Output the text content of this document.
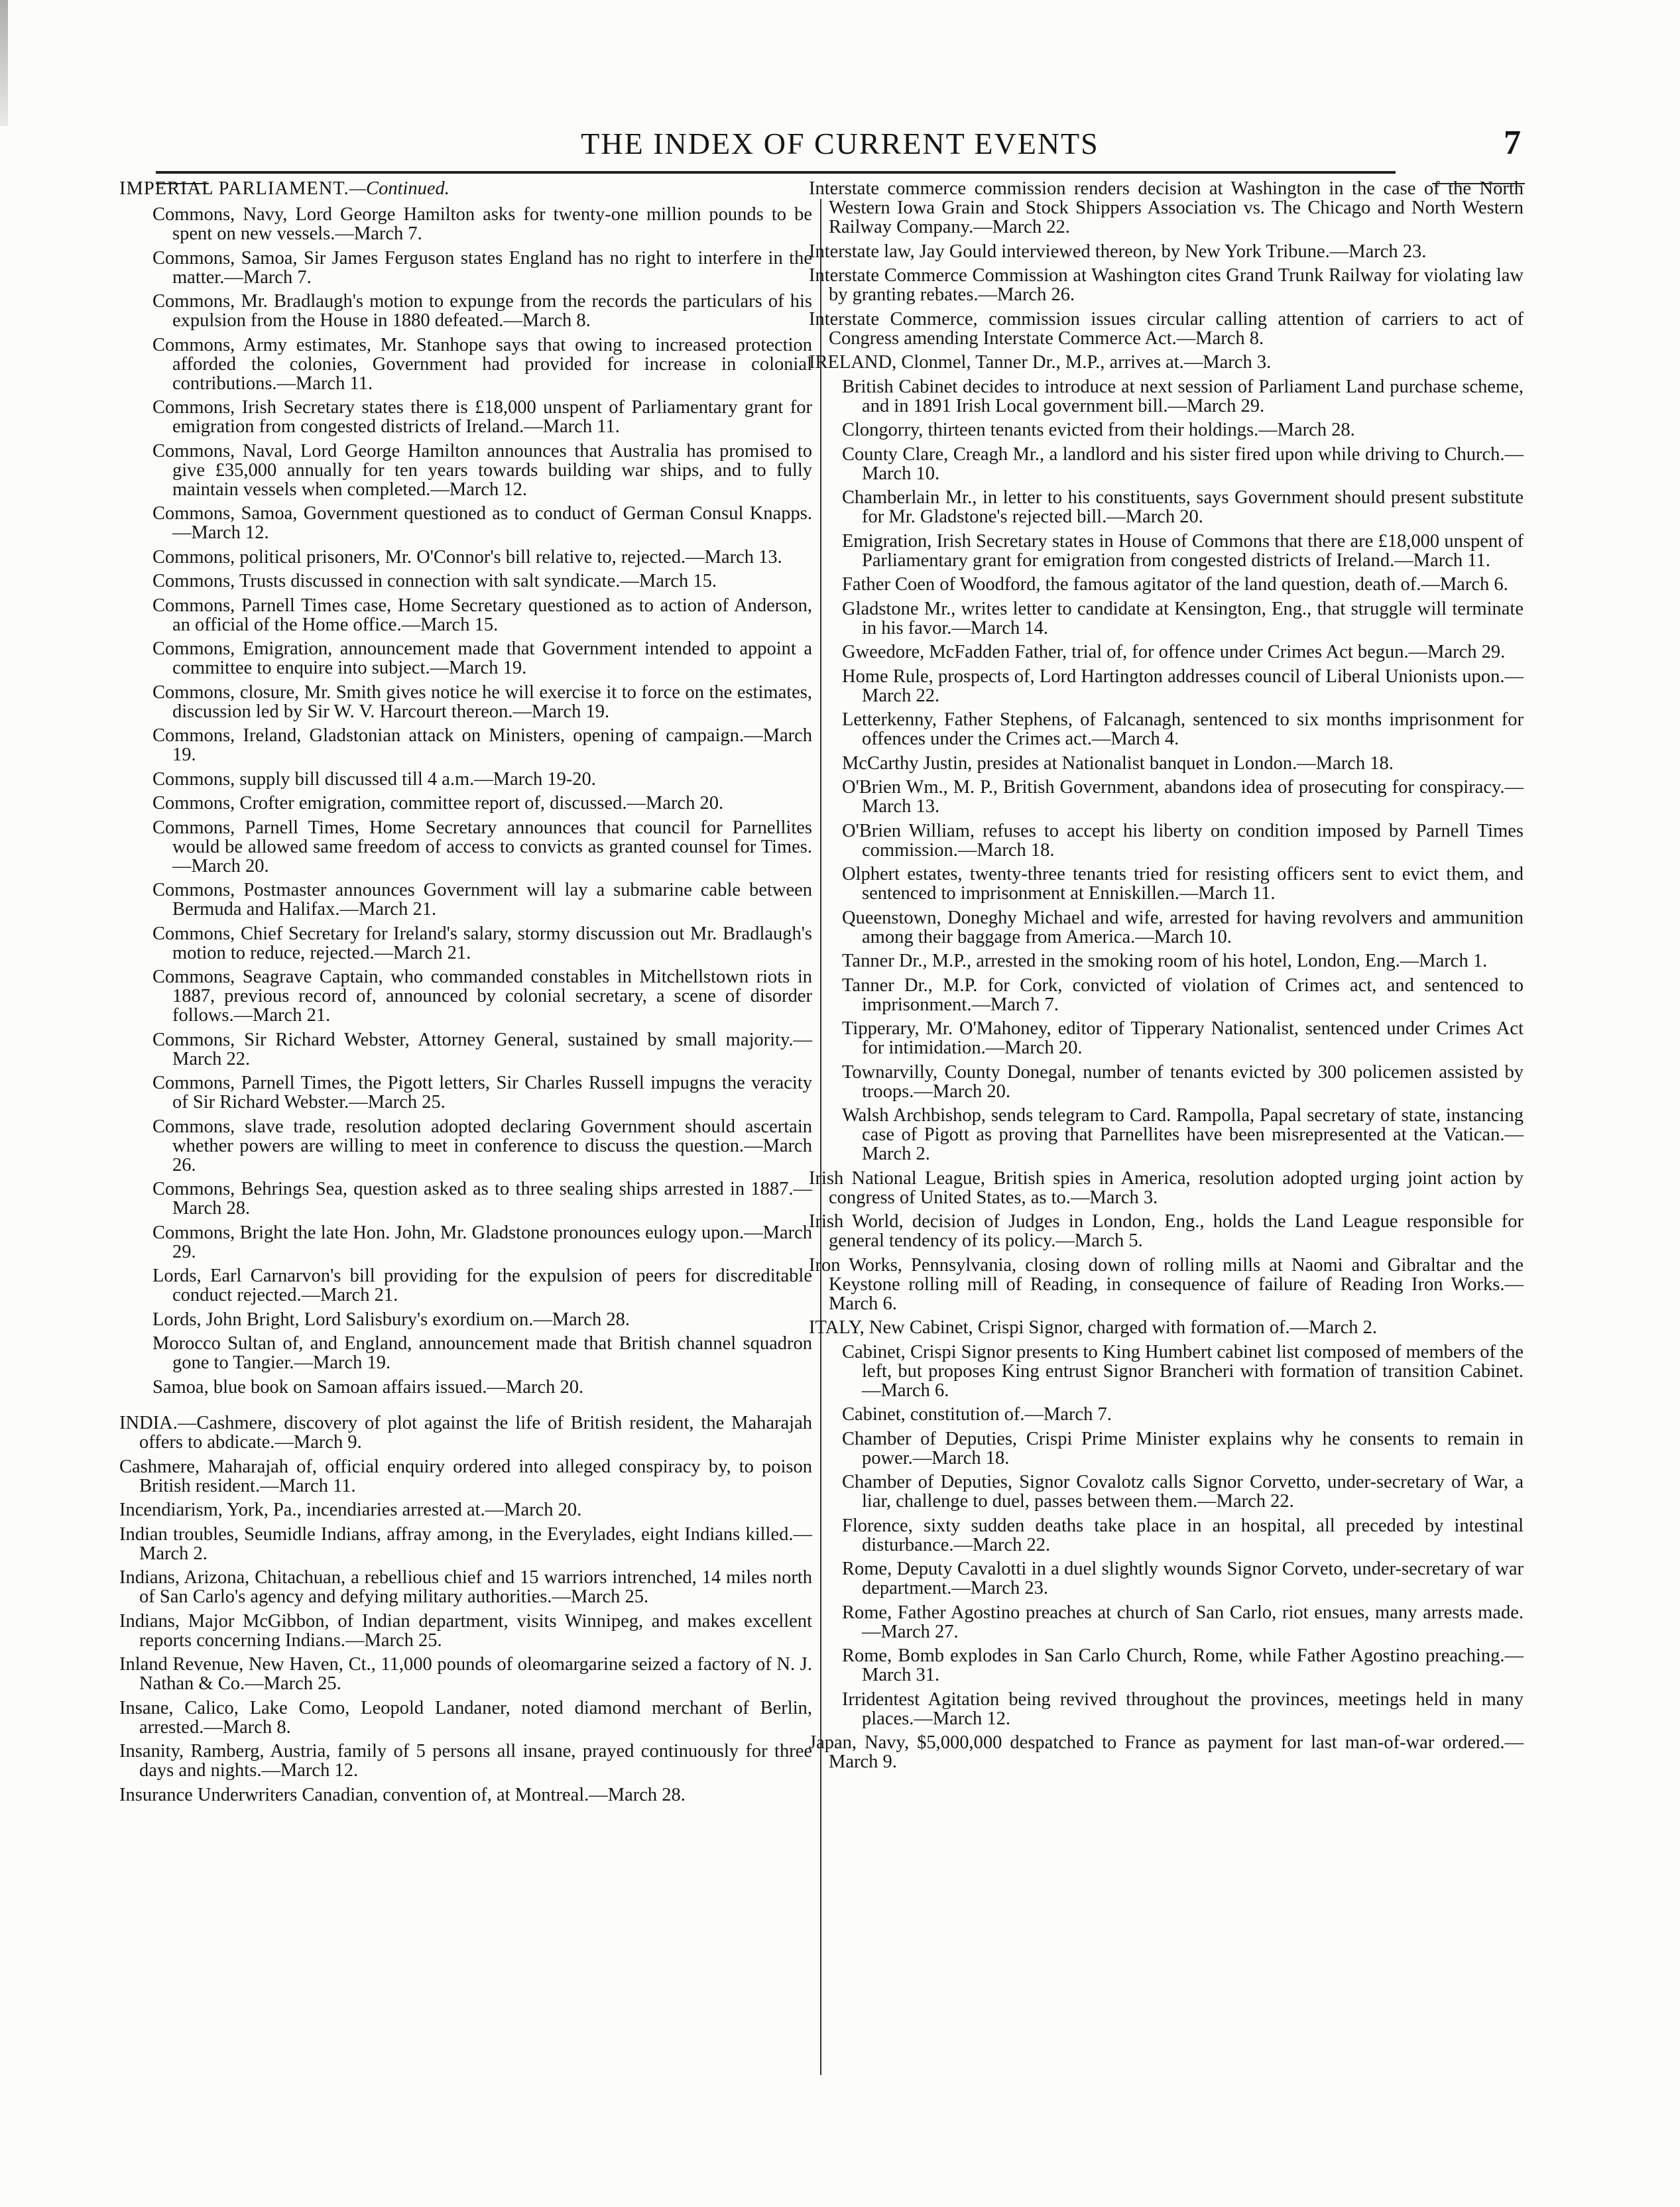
THE INDEX OF CURRENT EVENTS	7
IMPERIAL PARLIAMENT.—Continued.

Commons, Navy, Lord George Hamilton asks for twenty-one million pounds to be spent on new vessels.—March 7.

Commons, Samoa, Sir James Ferguson states England has no right to interfere in the matter.—March 7.

Commons, Mr. Bradlaugh's motion to expunge from the records the particulars of his expulsion from the House in 1880 defeated.—March 8.

Commons, Army estimates, Mr. Stanhope says that owing to increased protection afforded the colonies, Government had provided for increase in colonial contributions.—March 11.

Commons, Irish Secretary states there is £18,000 unspent of Parliamentary grant for emigration from congested districts of Ireland.—March 11.

Commons, Naval, Lord George Hamilton announces that Australia has promised to give £35,000 annually for ten years towards building war ships, and to fully maintain vessels when completed.—March 12.

Commons, Samoa, Government questioned as to conduct of German Consul Knapps.—March 12.

Commons, political prisoners, Mr. O'Connor's bill relative to, rejected.—March 13.

Commons, Trusts discussed in connection with salt syndicate.—March 15.

Commons, Parnell Times case, Home Secretary questioned as to action of Anderson, an official of the Home office.—March 15.

Commons, Emigration, announcement made that Government intended to appoint a committee to enquire into subject.—March 19.

Commons, closure, Mr. Smith gives notice he will exercise it to force on the estimates, discussion led by Sir W. V. Harcourt thereon.—March 19.

Commons, Ireland, Gladstonian attack on Ministers, opening of campaign.—March 19.

Commons, supply bill discussed till 4 a.m.—March 19-20.

Commons, Crofter emigration, committee report of, discussed.—March 20.

Commons, Parnell Times, Home Secretary announces that council for Parnellites would be allowed same freedom of access to convicts as granted counsel for Times.—March 20.

Commons, Postmaster announces Government will lay a submarine cable between Bermuda and Halifax.—March 21.

Commons, Chief Secretary for Ireland's salary, stormy discussion out Mr. Bradlaugh's motion to reduce, rejected.—March 21.

Commons, Seagrave Captain, who commanded constables in Mitchellstown riots in 1887, previous record of, announced by colonial secretary, a scene of disorder follows.—March 21.

Commons, Sir Richard Webster, Attorney General, sustained by small majority.—March 22.

Commons, Parnell Times, the Pigott letters, Sir Charles Russell impugns the veracity of Sir Richard Webster.—March 25.

Commons, slave trade, resolution adopted declaring Government should ascertain whether powers are willing to meet in conference to discuss the question.—March 26.

Commons, Behrings Sea, question asked as to three sealing ships arrested in 1887.—March 28.

Commons, Bright the late Hon. John, Mr. Gladstone pronounces eulogy upon.—March 29.

Lords, Earl Carnarvon's bill providing for the expulsion of peers for discreditable conduct rejected.—March 21.

Lords, John Bright, Lord Salisbury's exordium on.—March 28.

Morocco Sultan of, and England, announcement made that British channel squadron gone to Tangier.—March 19.

Samoa, blue book on Samoan affairs issued.—March 20.

INDIA.—Cashmere, discovery of plot against the life of British resident, the Maharajah offers to abdicate.—March 9.

Cashmere, Maharajah of, official enquiry ordered into alleged conspiracy by, to poison British resident.—March 11.

Incendiarism, York, Pa., incendiaries arrested at.—March 20.

Indian troubles, Seumidle Indians, affray among, in the Everylades, eight Indians killed.—March 2.

Indians, Arizona, Chitachuan, a rebellious chief and 15 warriors intrenched, 14 miles north of San Carlo's agency and defying military authorities.—March 25.

Indians, Major McGibbon, of Indian department, visits Winnipeg, and makes excellent reports concerning Indians.—March 25.

Inland Revenue, New Haven, Ct., 11,000 pounds of oleomargarine seized a factory of N. J. Nathan & Co.—March 25.

Insane, Calico, Lake Como, Leopold Landaner, noted diamond merchant of Berlin, arrested.—March 8.

Insanity, Ramberg, Austria, family of 5 persons all insane, prayed continuously for three days and nights.—March 12.

Insurance Underwriters Canadian, convention of, at Montreal.—March 28.

Interstate commerce commission renders decision at Washington in the case of the North Western Iowa Grain and Stock Shippers Association vs. The Chicago and North Western Railway Company.—March 22.

Interstate law, Jay Gould interviewed thereon, by New York Tribune.—March 23.

Interstate Commerce Commission at Washington cites Grand Trunk Railway for violating law by granting rebates.—March 26.

Interstate Commerce, commission issues circular calling attention of carriers to act of Congress amending Interstate Commerce Act.—March 8.

IRELAND, Clonmel, Tanner Dr., M.P., arrives at.—March 3.

British Cabinet decides to introduce at next session of Parliament Land purchase scheme, and in 1891 Irish Local government bill.—March 29.

Clongorry, thirteen tenants evicted from their holdings.—March 28.

County Clare, Creagh Mr., a landlord and his sister fired upon while driving to Church.—March 10.

Chamberlain Mr., in letter to his constituents, says Government should present substitute for Mr. Gladstone's rejected bill.—March 20.

Emigration, Irish Secretary states in House of Commons that there are £18,000 unspent of Parliamentary grant for emigration from congested districts of Ireland.—March 11.

Father Coen of Woodford, the famous agitator of the land question, death of.—March 6.

Gladstone Mr., writes letter to candidate at Kensington, Eng., that struggle will terminate in his favor.—March 14.

Gweedore, McFadden Father, trial of, for offence under Crimes Act begun.—March 29.

Home Rule, prospects of, Lord Hartington addresses council of Liberal Unionists upon.—March 22.

Letterkenny, Father Stephens, of Falcanagh, sentenced to six months imprisonment for offences under the Crimes act.—March 4.

McCarthy Justin, presides at Nationalist banquet in London.—March 18.

O'Brien Wm., M. P., British Government, abandons idea of prosecuting for conspiracy.—March 13.

O'Brien William, refuses to accept his liberty on condition imposed by Parnell Times commission.—March 18.

Olphert estates, twenty-three tenants tried for resisting officers sent to evict them, and sentenced to imprisonment at Enniskillen.—March 11.

Queenstown, Doneghy Michael and wife, arrested for having revolvers and ammunition among their baggage from America.—March 10.

Tanner Dr., M.P., arrested in the smoking room of his hotel, London, Eng.—March 1.

Tanner Dr., M.P. for Cork, convicted of violation of Crimes act, and sentenced to imprisonment.—March 7.

Tipperary, Mr. O'Mahoney, editor of Tipperary Nationalist, sentenced under Crimes Act for intimidation.—March 20.

Townarvilly, County Donegal, number of tenants evicted by 300 policemen assisted by troops.—March 20.

Walsh Archbishop, sends telegram to Card. Rampolla, Papal secretary of state, instancing case of Pigott as proving that Parnellites have been misrepresented at the Vatican.—March 2.

Irish National League, British spies in America, resolution adopted urging joint action by congress of United States, as to.—March 3.

Irish World, decision of Judges in London, Eng., holds the Land League responsible for general tendency of its policy.—March 5.

Iron Works, Pennsylvania, closing down of rolling mills at Naomi and Gibraltar and the Keystone rolling mill of Reading, in consequence of failure of Reading Iron Works.—March 6.

ITALY, New Cabinet, Crispi Signor, charged with formation of.—March 2.

Cabinet, Crispi Signor presents to King Humbert cabinet list composed of members of the left, but proposes King entrust Signor Brancheri with formation of transition Cabinet.—March 6.

Cabinet, constitution of.—March 7.

Chamber of Deputies, Crispi Prime Minister explains why he consents to remain in power.—March 18.

Chamber of Deputies, Signor Covalotz calls Signor Corvetto, under-secretary of War, a liar, challenge to duel, passes between them.—March 22.

Florence, sixty sudden deaths take place in an hospital, all preceded by intestinal disturbance.—March 22.

Rome, Deputy Cavalotti in a duel slightly wounds Signor Corveto, under-secretary of war department.—March 23.

Rome, Father Agostino preaches at church of San Carlo, riot ensues, many arrests made.—March 27.

Rome, Bomb explodes in San Carlo Church, Rome, while Father Agostino preaching.—March 31.

Irridentest Agitation being revived throughout the provinces, meetings held in many places.—March 12.

Japan, Navy, $5,000,000 despatched to France as payment for last man-of-war ordered.—March 9.
